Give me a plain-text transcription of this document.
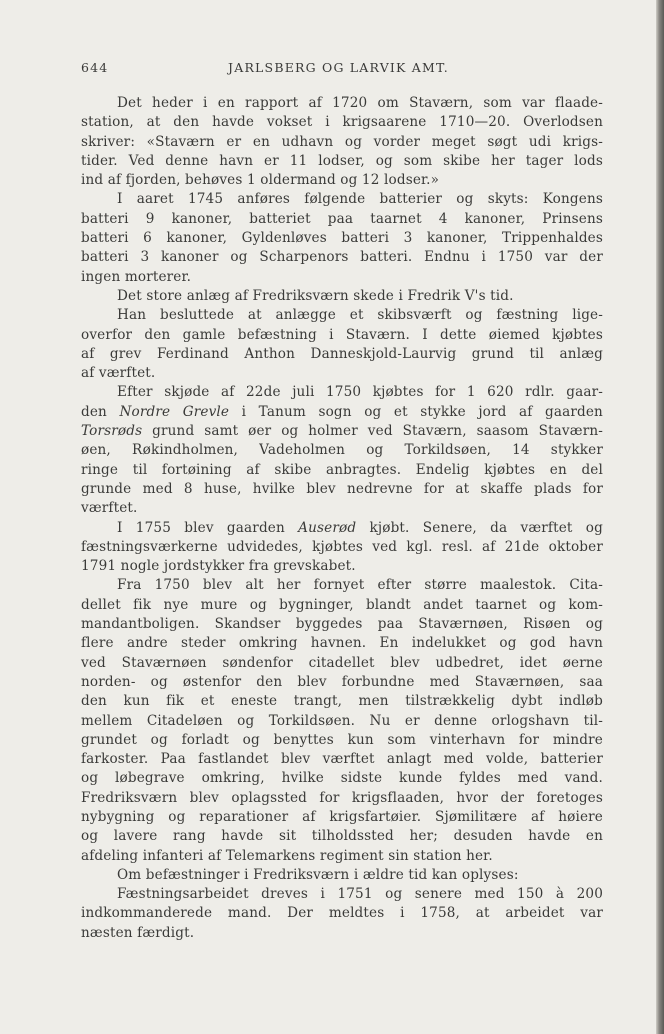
644	JARLSBERG OG LARVIK AMT.
Det heder i en rapport af 1720 om Staværn, som var flaade-
station, at den havde vokset i krigsaarene 1710—20. Overlodsen
skriver: «Staværn er en udhavn og vorder meget søgt udi krigs-
tider. Ved denne havn er 11 lodser, og som skibe her tager lods
ind af fjorden, behøves 1 oldermand og 12 lodser.»
I aaret 1745 anføres følgende batterier og skyts: Kongens
batteri 9 kanoner, batteriet paa taarnet 4 kanoner, Prinsens
batteri 6 kanoner, Gyldenløves batteri 3 kanoner, Trippenhaldes
batteri 3 kanoner og Scharpenors batteri. Endnu i 1750 var der
ingen morterer.
Det store anlæg af Fredriksværn skede i Fredrik V's tid.
Han besluttede at anlægge et skibsværft og fæstning lige-
overfor den gamle befæstning i Staværn. I dette øiemed kjøbtes
af grev Ferdinand Anthon Danneskjold-Laurvig grund til anlæg
af værftet.
Efter skjøde af 22de juli 1750 kjøbtes for 1 620 rdlr. gaar-
den Nordre Grevle i Tanum sogn og et stykke jord af gaarden
Torsrøds grund samt øer og holmer ved Staværn, saasom Staværn-
øen, Røkindholmen, Vadeholmen og Torkildsøen, 14 stykker
ringe til fortøining af skibe anbragtes. Endelig kjøbtes en del
grunde med 8 huse, hvilke blev nedrevne for at skaffe plads for
værftet.
I 1755 blev gaarden Auserød kjøbt. Senere, da værftet og
fæstningsværkerne udvidedes, kjøbtes ved kgl. resl. af 21de oktober
1791 nogle jordstykker fra grevskabet.
Fra 1750 blev alt her fornyet efter større maalestok. Cita-
dellet fik nye mure og bygninger, blandt andet taarnet og kom-
mandantboligen. Skandser byggedes paa Staværnøen, Risøen og
flere andre steder omkring havnen. En indelukket og god havn
ved Staværnøen søndenfor citadellet blev udbedret, idet øerne
norden- og østenfor den blev forbundne med Staværnøen, saa
den kun fik et eneste trangt, men tilstrækkelig dybt indløb
mellem Citadeløen og Torkildsøen. Nu er denne orlogshavn til-
grundet og forladt og benyttes kun som vinterhavn for mindre
farkoster. Paa fastlandet blev værftet anlagt med volde, batterier
og løbegrave omkring, hvilke sidste kunde fyldes med vand.
Fredriksværn blev oplagssted for krigsflaaden, hvor der foretoges
nybygning og reparationer af krigsfartøier. Sjømilitære af høiere
og lavere rang havde sit tilholdssted her; desuden havde en
afdeling infanteri af Telemarkens regiment sin station her.
Om befæstninger i Fredriksværn i ældre tid kan oplyses:
Fæstningsarbeidet dreves i 1751 og senere med 150 à 200
indkommanderede mand. Der meldtes i 1758, at arbeidet var
næsten færdigt.
